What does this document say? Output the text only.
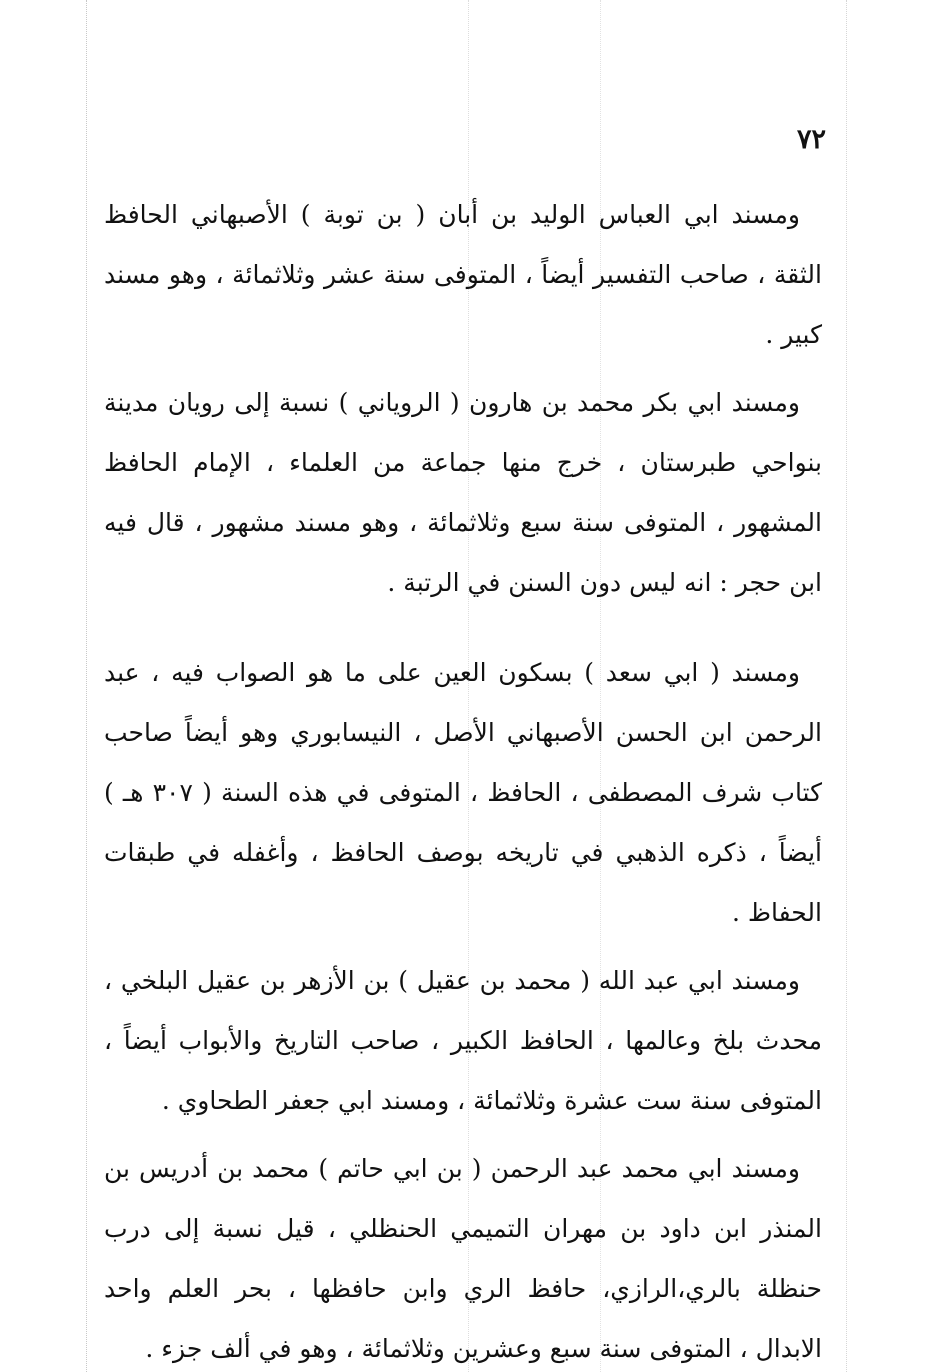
٧٢

ومسند ابي العباس الوليد بن أبان ( بن توبة ) الأصبهاني الحافظ الثقة ، صاحب التفسير أيضاً ، المتوفى سنة عشر وثلاثمائة ، وهو مسند كبير .

ومسند ابي بكر محمد بن هارون ( الروياني ) نسبة إلى رويان مدينة بنواحي طبرستان ، خرج منها جماعة من العلماء ، الإمام الحافظ المشهور ، المتوفى سنة سبع وثلاثمائة ، وهو مسند مشهور ، قال فيه ابن حجر : انه ليس دون السنن في الرتبة .

ومسند ( ابي سعد ) بسكون العين على ما هو الصواب فيه ، عبد الرحمن ابن الحسن الأصبهاني الأصل ، النيسابوري وهو أيضاً صاحب كتاب شرف المصطفى ، الحافظ ، المتوفى في هذه السنة ( ٣٠٧ هـ ) أيضاً ، ذكره الذهبي في تاريخه بوصف الحافظ ، وأغفله في طبقات الحفاظ .

ومسند ابي عبد الله ( محمد بن عقيل ) بن الأزهر بن عقيل البلخي ، محدث بلخ وعالمها ، الحافظ الكبير ، صاحب التاريخ والأبواب أيضاً ، المتوفى سنة ست عشرة وثلاثمائة ، ومسند ابي جعفر الطحاوي .

ومسند ابي محمد عبد الرحمن ( بن ابي حاتم ) محمد بن أدريس بن المنذر ابن داود بن مهران التميمي الحنظلي ، قيل نسبة إلى درب حنظلة بالري،الرازي، حافظ الري وابن حافظها ، بحر العلم واحد الابدال ، المتوفى سنة سبع وعشرين وثلاثمائة ، وهو في ألف جزء .
